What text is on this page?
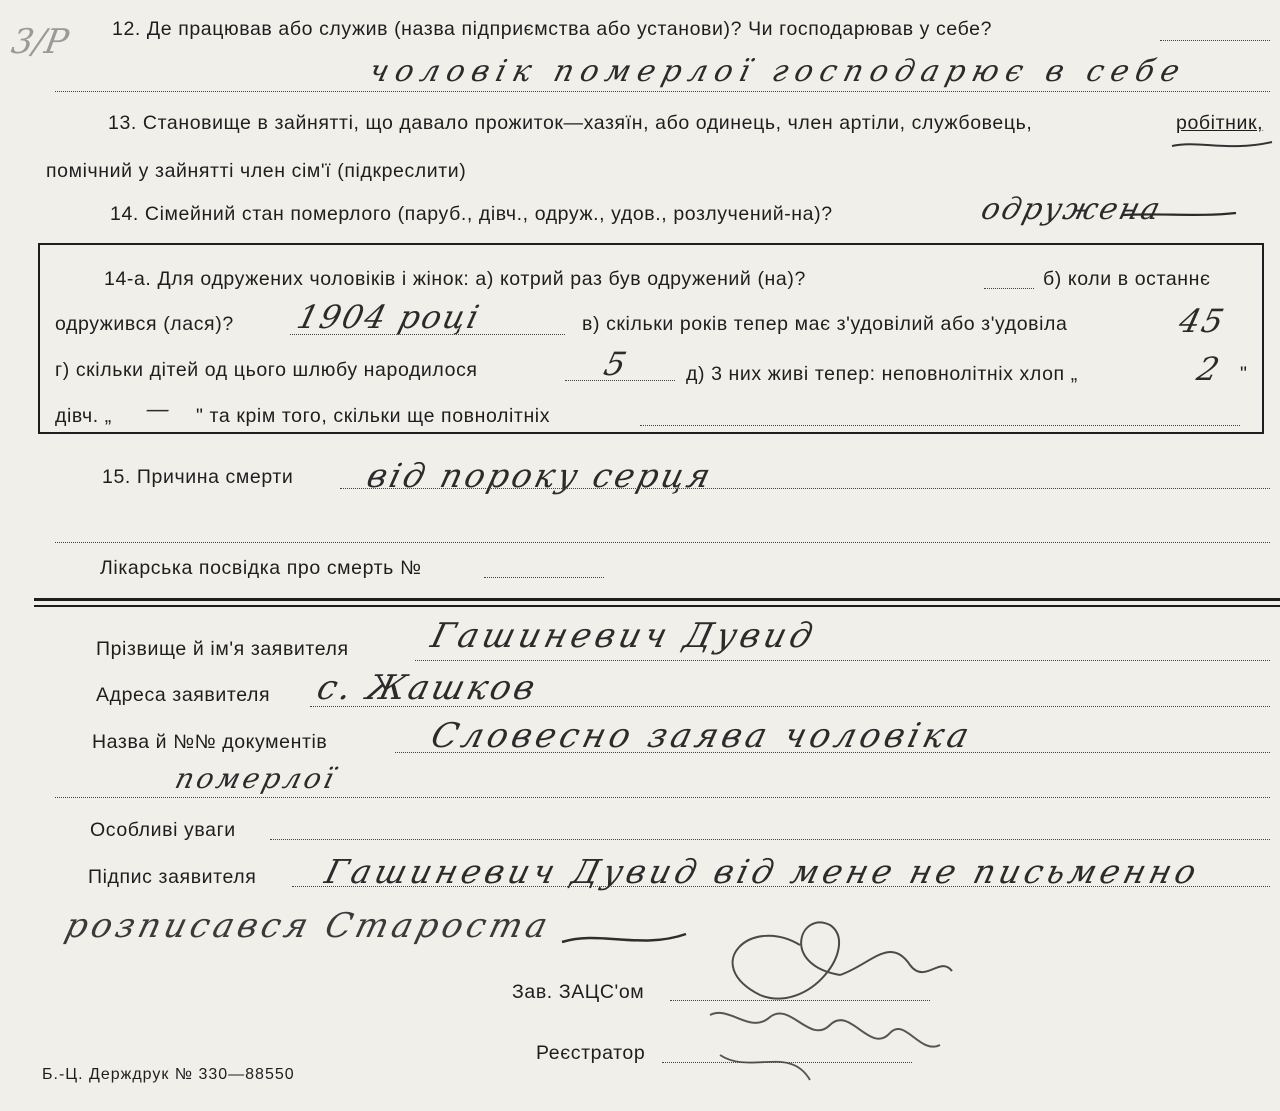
3/Р 12. Де працював або служив (назва підприємства або установи)? Чи господарював у себе?
чоловік померлої господарює в себе
13. Становище в зайнятті, що давало прожиток—хазяїн, або одинець, член артіли, службовець,	робітник,
помічний у зайнятті член сім'ї (підкреслити)
14. Сімейний стан померлого (паруб., дівч., одруж., удов., розлучений-на)?	одружена
14-а. Для одружених чоловіків і жінок: а) котрий раз був одружений (на)?	б) коли в останнє
одружився (лася)? 1904 році	в) скільки років тепер має з'удовілий або з'удовіла	45
г) скільки дітей од цього шлюбу народилося	5	д) 3 них живі тепер: неповнолітніх хлоп „	2 "
дівч. „ — " та крім того, скільки ще повнолітніх
15. Причина смерти від пороку серця
Лікарська посвідка про смерть №
Прізвище й ім'я заявителя Гашиневич Дувид
Адреса заявителя с. Жашков
Назва й №№ документів	Словесно заява чоловіка
померлої
Особливі уваги
Підпис заявителя Гашиневич Дувид від мене не письменно
розписався Староста
Зав. ЗАЦС'ом
Реєстратор
Б.-Ц. Держдрук № 330—88550
